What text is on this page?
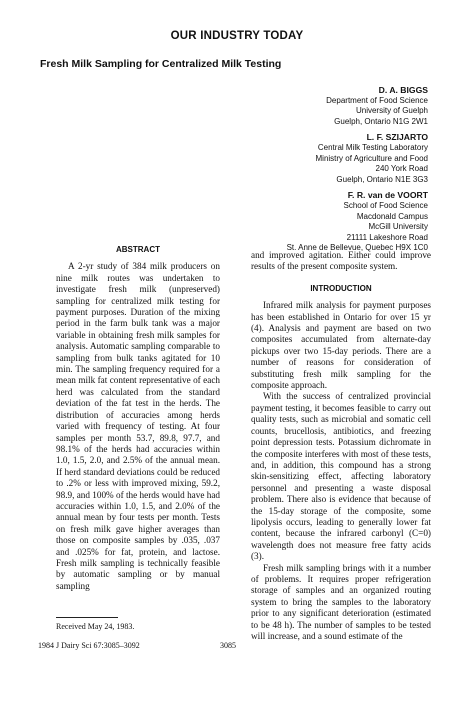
OUR INDUSTRY TODAY
Fresh Milk Sampling for Centralized Milk Testing
D. A. BIGGS
Department of Food Science
University of Guelph
Guelph, Ontario N1G 2W1
L. F. SZIJARTO
Central Milk Testing Laboratory
Ministry of Agriculture and Food
240 York Road
Guelph, Ontario N1E 3G3
F. R. van de VOORT
School of Food Science
Macdonald Campus
McGill University
21111 Lakeshore Road
St. Anne de Bellevue, Quebec H9X 1C0
ABSTRACT

A 2-yr study of 384 milk producers on nine milk routes was undertaken to investigate fresh milk (unpreserved) sampling for centralized milk testing for payment purposes. Duration of the mixing period in the farm bulk tank was a major variable in obtaining fresh milk samples for analysis. Automatic sampling comparable to sampling from bulk tanks agitated for 10 min. The sampling frequency required for a mean milk fat content representative of each herd was calculated from the standard deviation of the fat test in the herds. The distribution of accuracies among herds varied with frequency of testing. At four samples per month 53.7, 89.8, 97.7, and 98.1% of the herds had accuracies within 1.0, 1.5, 2.0, and 2.5% of the annual mean. If herd standard deviations could be reduced to .2% or less with improved mixing, 59.2, 98.9, and 100% of the herds would have had accuracies within 1.0, 1.5, and 2.0% of the annual mean by four tests per month. Tests on fresh milk gave higher averages than those on composite samples by .035, .037 and .025% for fat, protein, and lactose. Fresh milk sampling is technically feasible by automatic sampling or by manual sampling

and improved agitation. Either could improve results of the present composite system.

INTRODUCTION

Infrared milk analysis for payment purposes has been established in Ontario for over 15 yr (4). Analysis and payment are based on two composites accumulated from alternate-day pickups over two 15-day periods. There are a number of reasons for consideration of substituting fresh milk sampling for the composite approach.

With the success of centralized provincial payment testing, it becomes feasible to carry out quality tests, such as microbial and somatic cell counts, brucellosis, antibiotics, and freezing point depression tests. Potassium dichromate in the composite interferes with most of these tests, and, in addition, this compound has a strong skin-sensitizing effect, affecting laboratory personnel and presenting a waste disposal problem. There also is evidence that because of the 15-day storage of the composite, some lipolysis occurs, leading to generally lower fat content, because the infrared carbonyl (C=0) wavelength does not measure free fatty acids (3).

Fresh milk sampling brings with it a number of problems. It requires proper refrigeration storage of samples and an organized routing system to bring the samples to the laboratory prior to any significant deterioration (estimated to be 48 h). The number of samples to be tested will increase, and a sound estimate of the

Received May 24, 1983.
1984 J Dairy Sci 67:3085–3092	3085
